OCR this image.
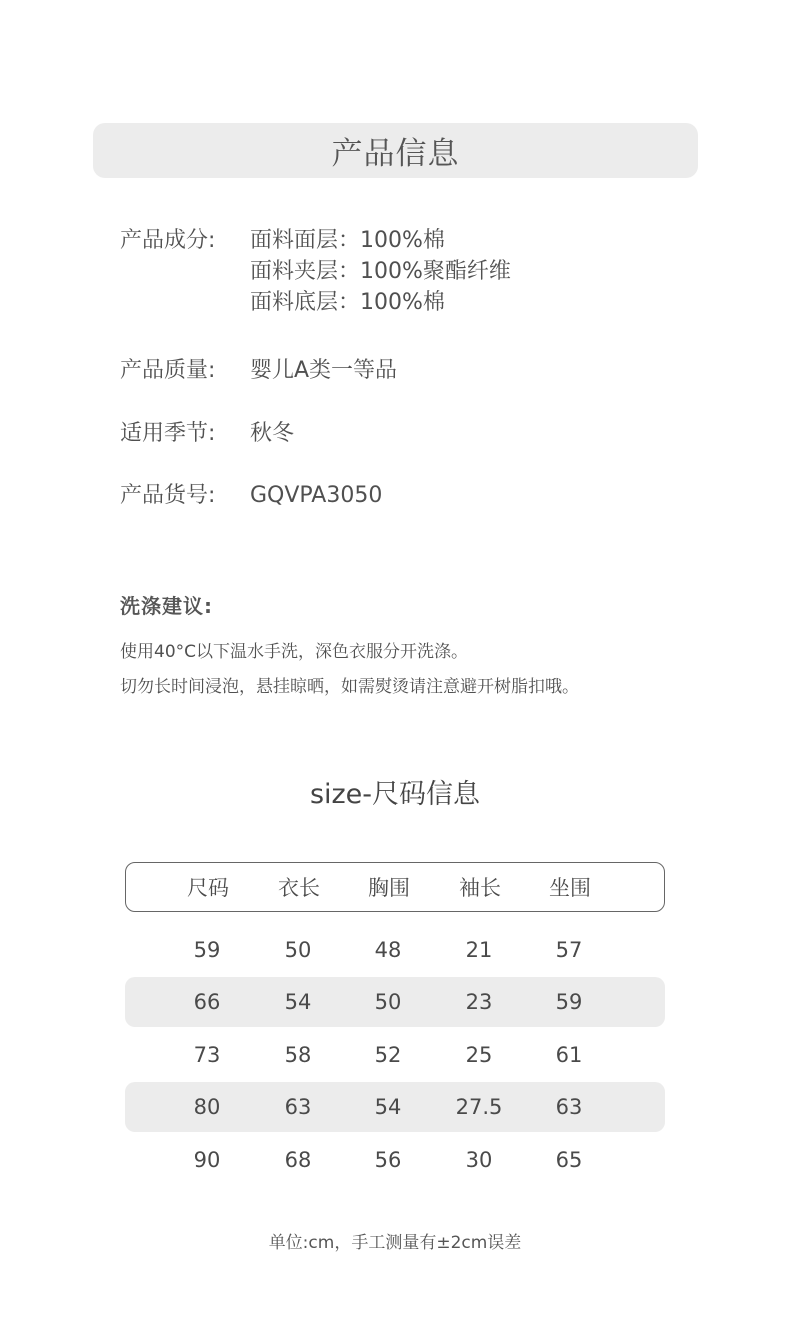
产品信息
产品成分: 面料面层：100%棉
面料夹层：100%聚酯纤维
面料底层：100%棉
产品质量: 婴儿A类一等品
适用季节: 秋冬
产品货号: GQVPA3050
洗涤建议:
使用40°C以下温水手洗，深色衣服分开洗涤。
切勿长时间浸泡，悬挂晾晒，如需熨烫请注意避开树脂扣哦。
size-尺码信息
尺码	衣长	胸围	袖长	坐围
59	50	48	21	57
66	54	50	23	59
73	58	52	25	61
80	63	54	27.5	63
90	68	56	30	65
单位:cm，手工测量有±2cm误差
